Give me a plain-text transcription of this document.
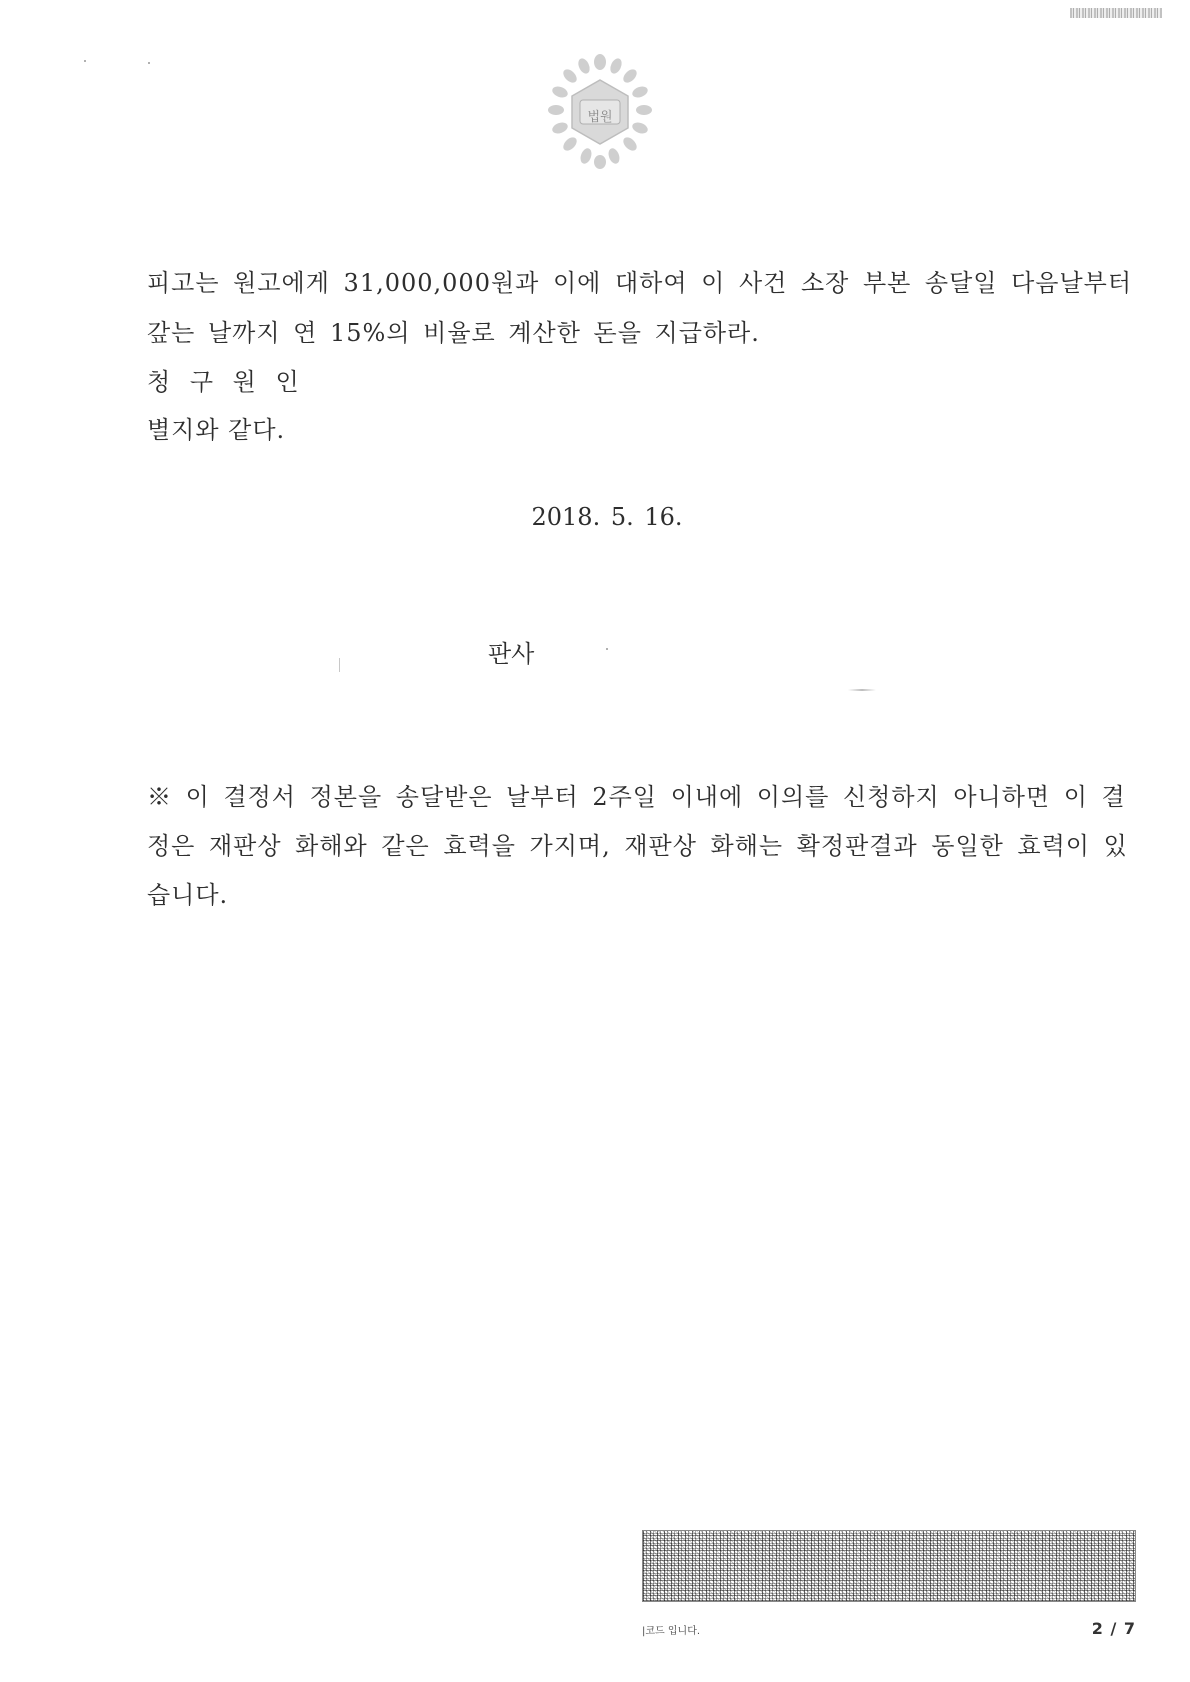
법원
피고는 원고에게 31,000,000원과 이에 대하여 이 사건 소장 부본 송달일 다음날부터
갚는 날까지 연 15%의 비율로 계산한 돈을 지급하라.
청 구 원 인
별지와 같다.
2018. 5. 16.
판사
※ 이 결정서 정본을 송달받은 날부터 2주일 이내에 이의를 신청하지 아니하면 이 결
정은 재판상 화해와 같은 효력을 가지며, 재판상 화해는 확정판결과 동일한 효력이 있
습니다.
|코드 입니다.	2 / 7
